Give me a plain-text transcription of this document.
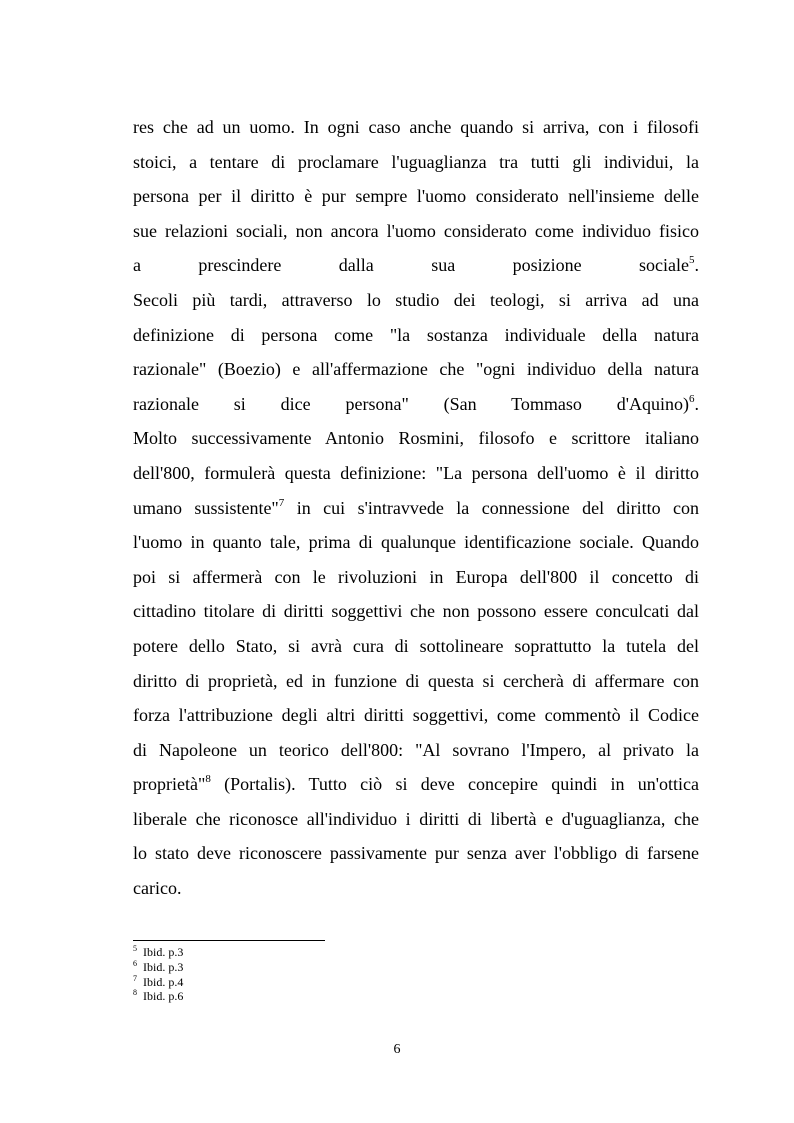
res che ad un uomo. In ogni caso anche quando si arriva, con i filosofi
stoici, a tentare di proclamare l'uguaglianza tra tutti gli individui, la
persona per il diritto è pur sempre l'uomo considerato nell'insieme delle
sue relazioni sociali, non ancora l'uomo considerato come individuo fisico
a prescindere dalla sua posizione sociale$^5$.
Secoli più tardi, attraverso lo studio dei teologi, si arriva ad una
definizione di persona come "la sostanza individuale della natura
razionale" (Boezio) e all'affermazione che "ogni individuo della natura
razionale si dice persona" (San Tommaso d'Aquino)$^6$.
Molto successivamente Antonio Rosmini, filosofo e scrittore italiano
dell'800, formulerà questa definizione: "La persona dell'uomo è il diritto
umano sussistente"$^7$ in cui s'intravvede la connessione del diritto con
l'uomo in quanto tale, prima di qualunque identificazione sociale. Quando
poi si affermerà con le rivoluzioni in Europa dell'800 il concetto di
cittadino titolare di diritti soggettivi che non possono essere conculcati dal
potere dello Stato, si avrà cura di sottolineare soprattutto la tutela del
diritto di proprietà, ed in funzione di questa si cercherà di affermare con
forza l'attribuzione degli altri diritti soggettivi, come commentò il Codice
di Napoleone un teorico dell'800: "Al sovrano l'Impero, al privato la
proprietà"$^8$ (Portalis). Tutto ciò si deve concepire quindi in un'ottica
liberale che riconosce all'individuo i diritti di libertà e d'uguaglianza, che
lo stato deve riconoscere passivamente pur senza aver l'obbligo di farsene
carico.
$^5$ Ibid. p.3
$^6$ Ibid. p.3
$^7$ Ibid. p.4
$^8$ Ibid. p.6
6
